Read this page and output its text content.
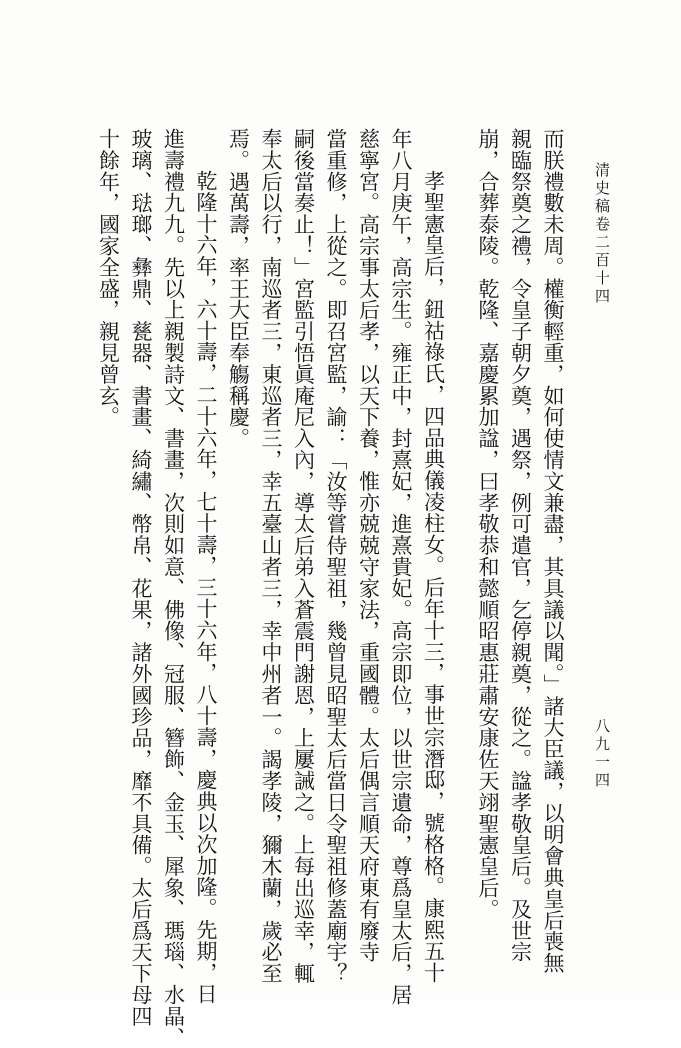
清史稿卷二百十四
八九一四
而朕禮數未周。權衡輕重，如何使情文兼盡，其具議以聞。」諸大臣議，以明會典皇后喪無
親臨祭奠之禮，令皇子朝夕奠，遇祭，例可遣官，乞停親奠，從之。諡孝敬皇后。及世宗
崩，合葬泰陵。乾隆、嘉慶累加諡，曰孝敬恭和懿順昭惠莊肅安康佐天翊聖憲皇后。
孝聖憲皇后，鈕祜祿氏，四品典儀凌柱女。后年十三，事世宗潛邸，號格格。康熙五十
年八月庚午，高宗生。雍正中，封熹妃，進熹貴妃。高宗即位，以世宗遺命，尊爲皇太后，居
慈寧宮。高宗事太后孝，以天下養，惟亦兢兢守家法，重國體。太后偶言順天府東有廢寺
當重修，上從之。即召宮監，諭：「汝等嘗侍聖祖，幾曾見昭聖太后當日令聖祖修蓋廟宇？
嗣後當奏止！」宮監引悟眞庵尼入內，導太后弟入蒼震門謝恩，上屢誡之。上每出巡幸，輒
奉太后以行，南巡者三，東巡者三，幸五臺山者三，幸中州者一。謁孝陵，獮木蘭，歲必至
焉。遇萬壽，率王大臣奉觴稱慶。
乾隆十六年，六十壽，二十六年，七十壽，三十六年，八十壽，慶典以次加隆。先期，日
進壽禮九九。先以上親製詩文、書畫，次則如意、佛像、冠服、簪飾、金玉、犀象、瑪瑙、水晶、
玻璃、琺瑯、彝鼎、甆器、書畫、綺繡、幣帛、花果，諸外國珍品，靡不具備。太后爲天下母四
十餘年，國家全盛，親見曾玄。
